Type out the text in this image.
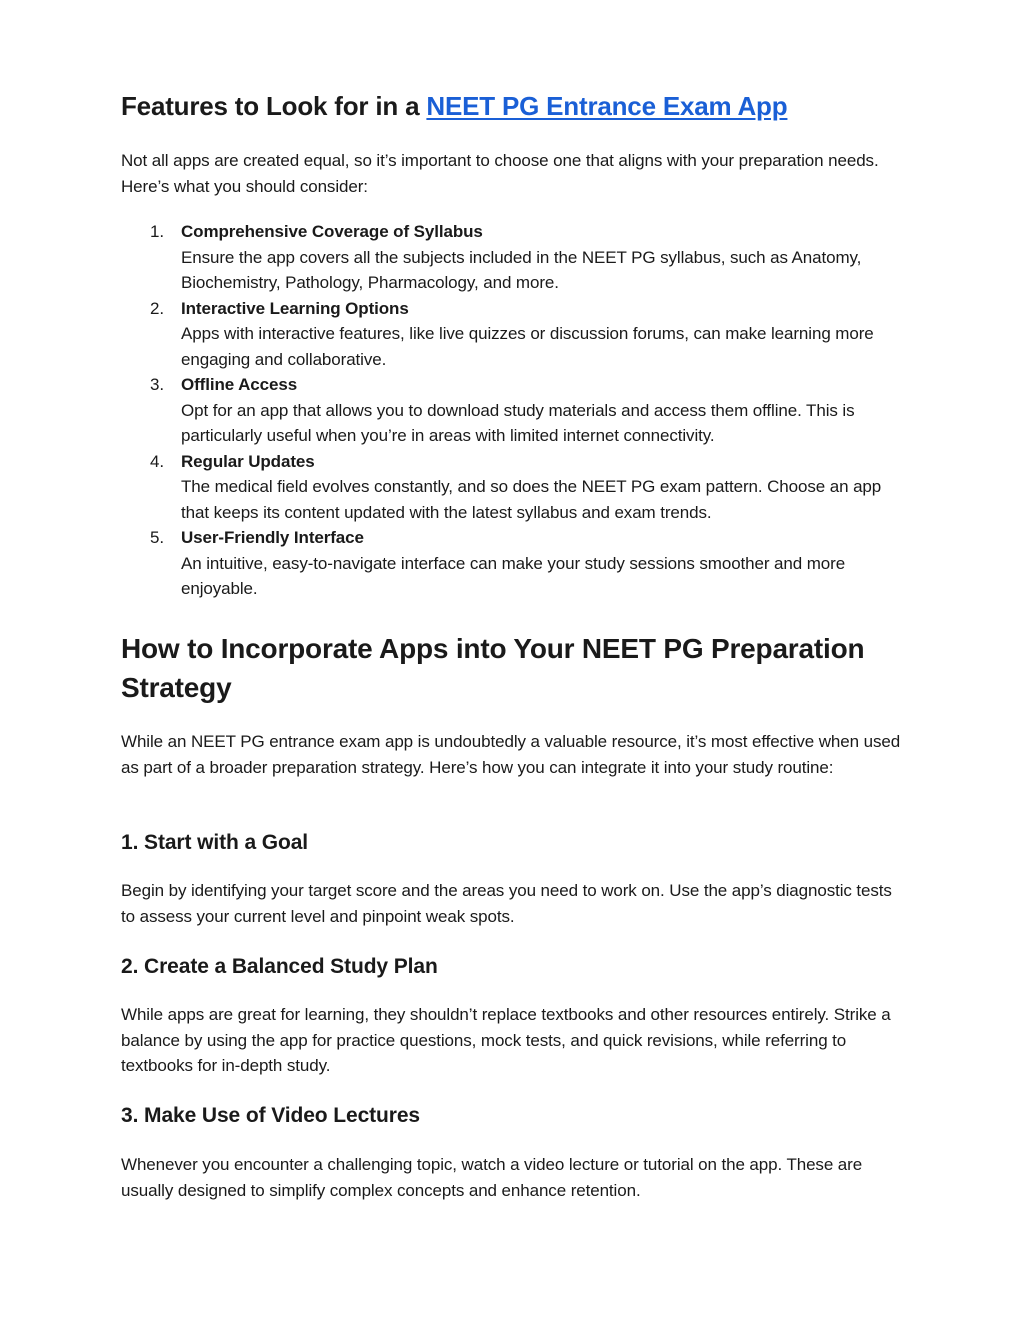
Features to Look for in a NEET PG Entrance Exam App

Not all apps are created equal, so it’s important to choose one that aligns with your preparation needs. Here’s what you should consider:

1. Comprehensive Coverage of Syllabus
Ensure the app covers all the subjects included in the NEET PG syllabus, such as Anatomy, Biochemistry, Pathology, Pharmacology, and more.
2. Interactive Learning Options
Apps with interactive features, like live quizzes or discussion forums, can make learning more engaging and collaborative.
3. Offline Access
Opt for an app that allows you to download study materials and access them offline. This is particularly useful when you’re in areas with limited internet connectivity.
4. Regular Updates
The medical field evolves constantly, and so does the NEET PG exam pattern. Choose an app that keeps its content updated with the latest syllabus and exam trends.
5. User-Friendly Interface
An intuitive, easy-to-navigate interface can make your study sessions smoother and more enjoyable.
How to Incorporate Apps into Your NEET PG Preparation Strategy

While an NEET PG entrance exam app is undoubtedly a valuable resource, it’s most effective when used as part of a broader preparation strategy. Here’s how you can integrate it into your study routine:

1. Start with a Goal

Begin by identifying your target score and the areas you need to work on. Use the app’s diagnostic tests to assess your current level and pinpoint weak spots.

2. Create a Balanced Study Plan

While apps are great for learning, they shouldn’t replace textbooks and other resources entirely. Strike a balance by using the app for practice questions, mock tests, and quick revisions, while referring to textbooks for in-depth study.

3. Make Use of Video Lectures

Whenever you encounter a challenging topic, watch a video lecture or tutorial on the app. These are usually designed to simplify complex concepts and enhance retention.
